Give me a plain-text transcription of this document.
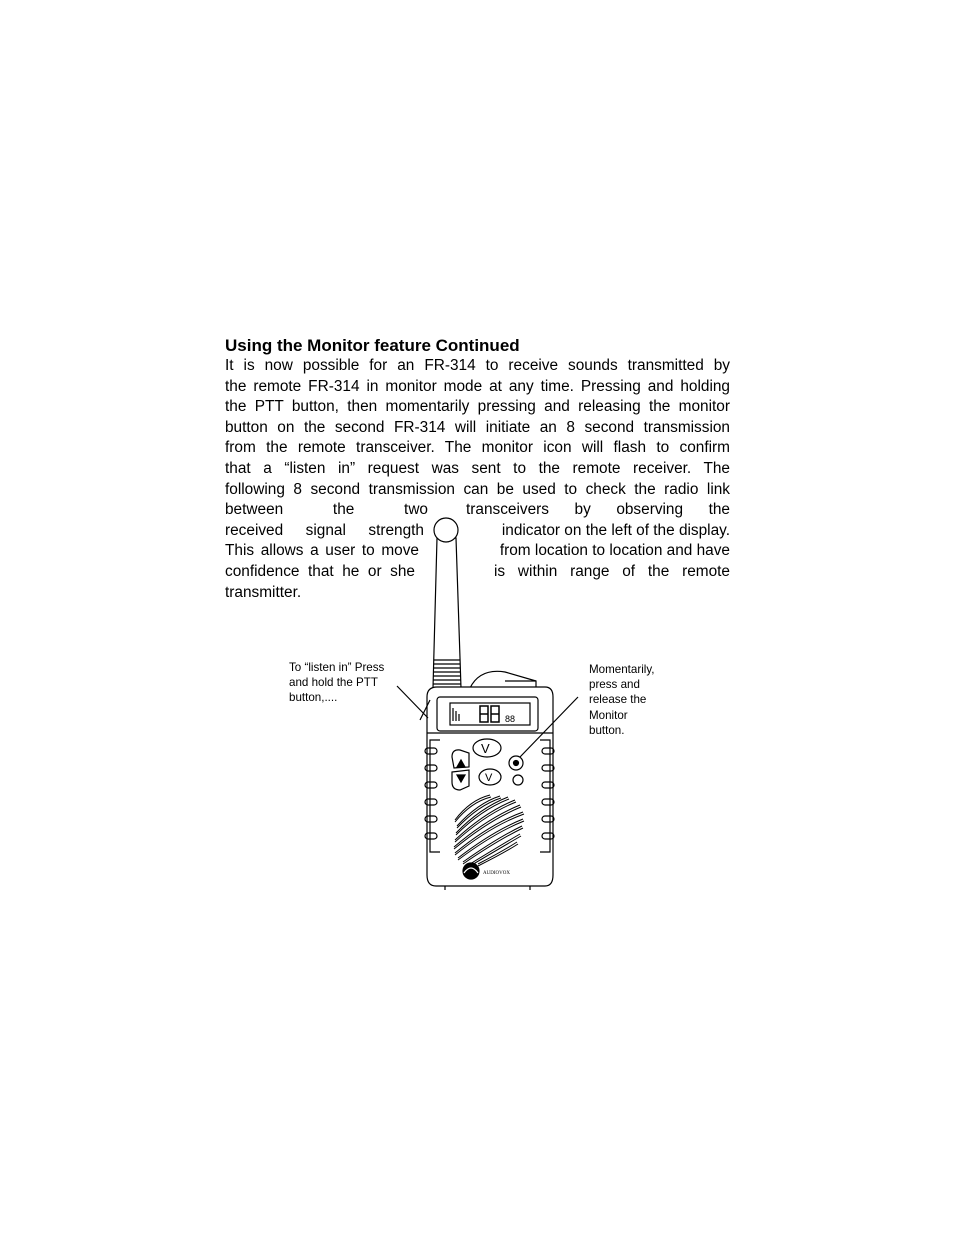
Using the Monitor feature Continued
It is now possible for an FR-314 to receive sounds transmitted by
the remote FR-314 in monitor mode at any time. Pressing and holding
the PTT button, then momentarily pressing and releasing the monitor
button on the second FR-314 will initiate an 8 second transmission
from the remote transceiver. The monitor icon will flash to confirm
that a “listen in” request was sent to the remote receiver. The
following 8 second transmission can be used to check the radio link
between the two transceivers by observing the
received signal strength	indicator on the left of the display.
This allows a user to move	from location to location and have
confidence that he or she	is within range of the remote
transmitter.
To “listen in” Press
and hold the PTT
button,....
Momentarily,
press and
release the
Monitor
button.
V
V
88
AUDIOVOX
